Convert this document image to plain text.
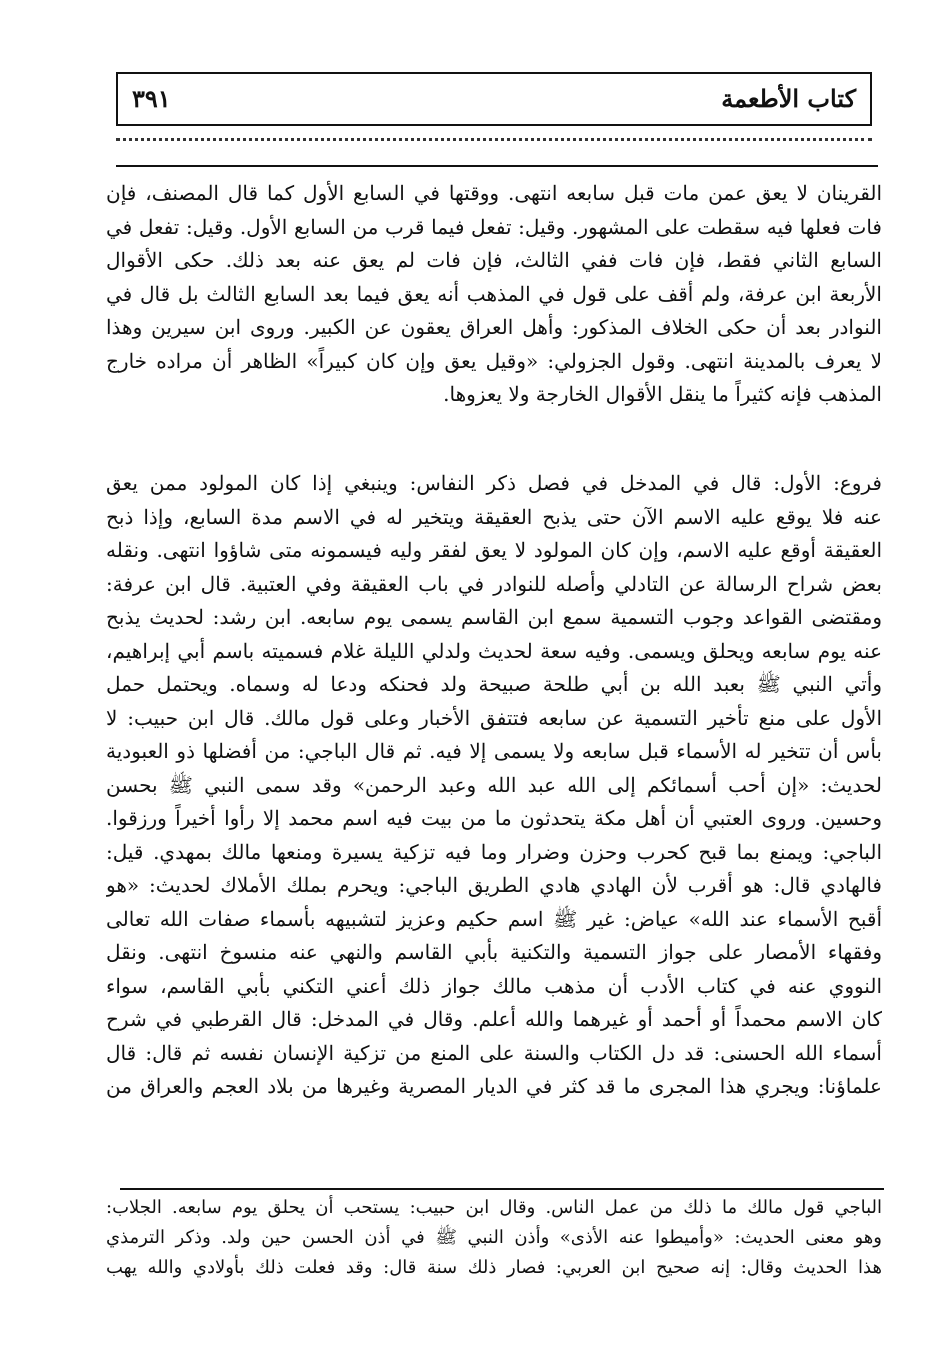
كتاب الأطعمة
٣٩١
القرينان لا يعق عمن مات قبل سابعه انتهى. ووقتها في السابع الأول كما قال المصنف، فإن
فات فعلها فيه سقطت على المشهور. وقيل: تفعل فيما قرب من السابع الأول. وقيل: تفعل في
السابع الثاني فقط، فإن فات ففي الثالث، فإن فات لم يعق عنه بعد ذلك. حكى الأقوال
الأربعة ابن عرفة، ولم أقف على قول في المذهب أنه يعق فيما بعد السابع الثالث بل قال في
النوادر بعد أن حكى الخلاف المذكور: وأهل العراق يعقون عن الكبير. وروى ابن سيرين وهذا
لا يعرف بالمدينة انتهى. وقول الجزولي: «وقيل يعق وإن كان كبيراً» الظاهر أن مراده خارج
المذهب فإنه كثيراً ما ينقل الأقوال الخارجة ولا يعزوها.
فروع: الأول: قال في المدخل في فصل ذكر النفاس: وينبغي إذا كان المولود ممن يعق
عنه فلا يوقع عليه الاسم الآن حتى يذبح العقيقة ويتخير له في الاسم مدة السابع، وإذا ذبح
العقيقة أوقع عليه الاسم، وإن كان المولود لا يعق لفقر وليه فيسمونه متى شاؤوا انتهى. ونقله
بعض شراح الرسالة عن التادلي وأصله للنوادر في باب العقيقة وفي العتبية. قال ابن عرفة:
ومقتضى القواعد وجوب التسمية سمع ابن القاسم يسمى يوم سابعه. ابن رشد: لحديث يذبح
عنه يوم سابعه ويحلق ويسمى. وفيه سعة لحديث ولدلي الليلة غلام فسميته باسم أبي إبراهيم،
وأتي النبي ﷺ بعبد الله بن أبي طلحة صبيحة ولد فحنكه ودعا له وسماه. ويحتمل حمل
الأول على منع تأخير التسمية عن سابعه فتتفق الأخبار وعلى قول مالك. قال ابن حبيب: لا
بأس أن تتخير له الأسماء قبل سابعه ولا يسمى إلا فيه. ثم قال الباجي: من أفضلها ذو العبودية
لحديث: «إن أحب أسمائكم إلى الله عبد الله وعبد الرحمن» وقد سمى النبي ﷺ بحسن
وحسين. وروى العتبي أن أهل مكة يتحدثون ما من بيت فيه اسم محمد إلا رأوا أخيراً ورزقوا.
الباجي: ويمنع بما قبح كحرب وحزن وضرار وما فيه تزكية يسيرة ومنعها مالك بمهدي. قيل:
فالهادي قال: هو أقرب لأن الهادي هادي الطريق الباجي: ويحرم بملك الأملاك لحديث: «هو
أقبح الأسماء عند الله» عياض: غير ﷺ اسم حكيم وعزيز لتشبيهه بأسماء صفات الله تعالى
وفقهاء الأمصار على جواز التسمية والتكنية بأبي القاسم والنهي عنه منسوخ انتهى. ونقل
النووي عنه في كتاب الأدب أن مذهب مالك جواز ذلك أعني التكني بأبي القاسم، سواء
كان الاسم محمداً أو أحمد أو غيرهما والله أعلم. وقال في المدخل: قال القرطبي في شرح
أسماء الله الحسنى: قد دل الكتاب والسنة على المنع من تزكية الإنسان نفسه ثم قال: قال
علماؤنا: ويجري هذا المجرى ما قد كثر في الديار المصرية وغيرها من بلاد العجم والعراق من
الباجي قول مالك ما ذلك من عمل الناس. وقال ابن حبيب: يستحب أن يحلق يوم سابعه. الجلاب:
وهو معنى الحديث: «وأميطوا عنه الأذى» وأذن النبي ﷺ في أذن الحسن حين ولد. وذكر الترمذي
هذا الحديث وقال: إنه صحيح ابن العربي: فصار ذلك سنة قال: وقد فعلت ذلك بأولادي والله يهب
